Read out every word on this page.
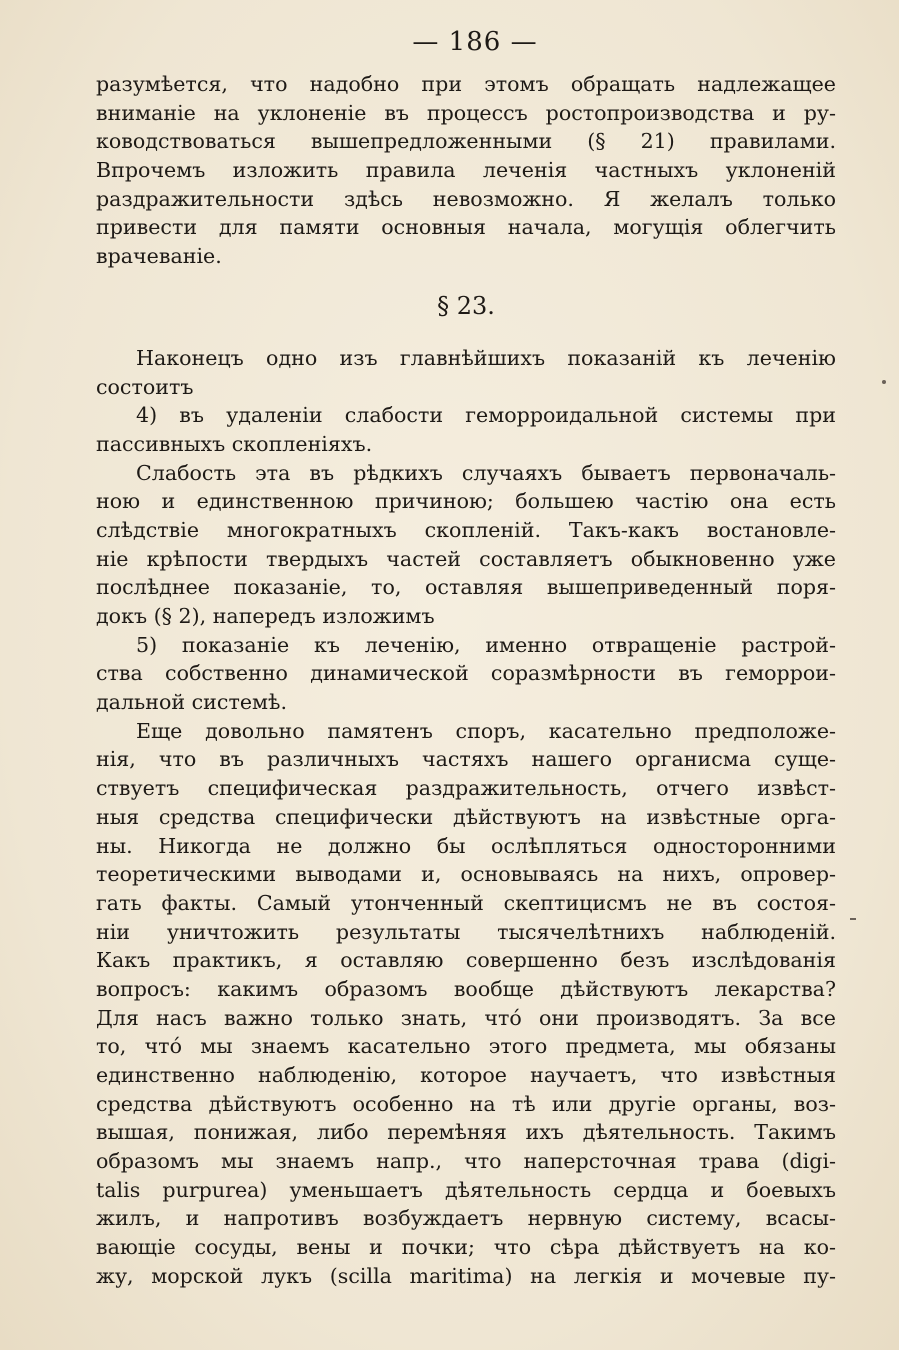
— 186 —
разумѣется, что надобно при этомъ обращать надлежащее
вниманіе на уклоненіе въ процессъ ростопроизводства и ру-
ководствоваться вышепредложенными (§ 21) правилами.
Впрочемъ изложить правила леченія частныхъ уклоненій
раздражительности здѣсь невозможно. Я желалъ только
привести для памяти основныя начала, могущія облегчить
врачеваніе.
§ 23.
Наконецъ одно изъ главнѣйшихъ показаній къ леченію
состоитъ
4) въ удаленіи слабости геморроидальной системы при
пассивныхъ скопленіяхъ.
Слабость эта въ рѣдкихъ случаяхъ бываетъ первоначаль-
ною и единственною причиною; большею частію она есть
слѣдствіе многократныхъ скопленій. Такъ-какъ востановле-
ніе крѣпости твердыхъ частей составляетъ обыкновенно уже
послѣднее показаніе, то, оставляя вышеприведенный поря-
докъ (§ 2), напередъ изложимъ
5) показаніе къ леченію, именно отвращеніе растрой-
ства собственно динамической соразмѣрности въ геморрои-
дальной системѣ.
Еще довольно памятенъ споръ, касательно предположе-
нія, что въ различныхъ частяхъ нашего органисма суще-
ствуетъ специфическая раздражительность, отчего извѣст-
ныя средства специфически дѣйствуютъ на извѣстные орга-
ны. Никогда не должно бы ослѣпляться односторонними
теоретическими выводами и, основываясь на нихъ, опровер-
гать факты. Самый утонченный скептицисмъ не въ состоя-
ніи уничтожить результаты тысячелѣтнихъ наблюденій.
Какъ практикъ, я оставляю совершенно безъ изслѣдованія
вопросъ: какимъ образомъ вообще дѣйствуютъ лекарства?
Для насъ важно только знать, что́ они производятъ. За все
то, что́ мы знаемъ касательно этого предмета, мы обязаны
единственно наблюденію, которое научаетъ, что извѣстныя
средства дѣйствуютъ особенно на тѣ или другіе органы, воз-
вышая, понижая, либо перемѣняя ихъ дѣятельность. Такимъ
образомъ мы знаемъ напр., что наперсточная трава (digi-
talis purpurea) уменьшаетъ дѣятельность сердца и боевыхъ
жилъ, и напротивъ возбуждаетъ нервную систему, всасы-
вающіе сосуды, вены и почки; что сѣра дѣйствуетъ на ко-
жу, морской лукъ (scilla maritima) на легкія и мочевые пу-
